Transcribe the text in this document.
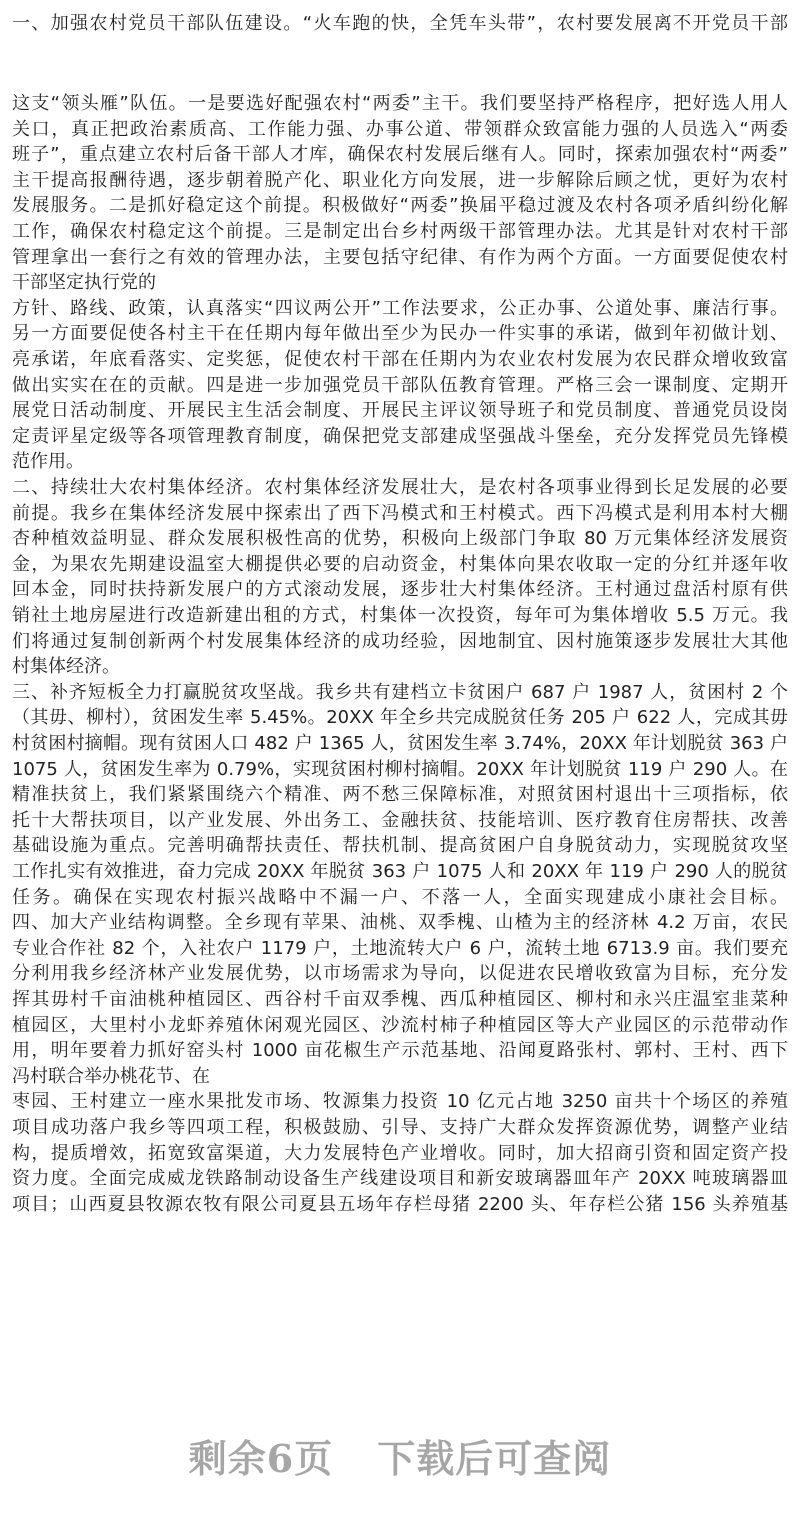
一、加强农村党员干部队伍建设。“火车跑的快，全凭车头带”，农村要发展离不开党员干部
这支“领头雁”队伍。一是要选好配强农村“两委”主干。我们要坚持严格程序，把好选人用人
关口，真正把政治素质高、工作能力强、办事公道、带领群众致富能力强的人员选入“两委
班子”，重点建立农村后备干部人才库，确保农村发展后继有人。同时，探索加强农村“两委”
主干提高报酬待遇，逐步朝着脱产化、职业化方向发展，进一步解除后顾之忧，更好为农村
发展服务。二是抓好稳定这个前提。积极做好“两委”换届平稳过渡及农村各项矛盾纠纷化解
工作，确保农村稳定这个前提。三是制定出台乡村两级干部管理办法。尤其是针对农村干部
管理拿出一套行之有效的管理办法，主要包括守纪律、有作为两个方面。一方面要促使农村
干部坚定执行党的
方针、路线、政策，认真落实“四议两公开”工作法要求，公正办事、公道处事、廉洁行事。
另一方面要促使各村主干在任期内每年做出至少为民办一件实事的承诺，做到年初做计划、
亮承诺，年底看落实、定奖惩，促使农村干部在任期内为农业农村发展为农民群众增收致富
做出实实在在的贡献。四是进一步加强党员干部队伍教育管理。严格三会一课制度、定期开
展党日活动制度、开展民主生活会制度、开展民主评议领导班子和党员制度、普通党员设岗
定责评星定级等各项管理教育制度，确保把党支部建成坚强战斗堡垒，充分发挥党员先锋模
范作用。
二、持续壮大农村集体经济。农村集体经济发展壮大，是农村各项事业得到长足发展的必要
前提。我乡在集体经济发展中探索出了西下冯模式和王村模式。西下冯模式是利用本村大棚
杏种植效益明显、群众发展积极性高的优势，积极向上级部门争取 80 万元集体经济发展资
金，为果农先期建设温室大棚提供必要的启动资金，村集体向果农收取一定的分红并逐年收
回本金，同时扶持新发展户的方式滚动发展，逐步壮大村集体经济。王村通过盘活村原有供
销社土地房屋进行改造新建出租的方式，村集体一次投资，每年可为集体增收 5.5 万元。我
们将通过复制创新两个村发展集体经济的成功经验，因地制宜、因村施策逐步发展壮大其他
村集体经济。
三、补齐短板全力打赢脱贫攻坚战。我乡共有建档立卡贫困户 687 户 1987 人，贫困村 2 个
（其毋、柳村），贫困发生率 5.45%。20XX 年全乡共完成脱贫任务 205 户 622 人，完成其毋
村贫困村摘帽。现有贫困人口 482 户 1365 人，贫困发生率 3.74%，20XX 年计划脱贫 363 户
1075 人，贫困发生率为 0.79%，实现贫困村柳村摘帽。20XX 年计划脱贫 119 户 290 人。在
精准扶贫上，我们紧紧围绕六个精准、两不愁三保障标准，对照贫困村退出十三项指标，依
托十大帮扶项目，以产业发展、外出务工、金融扶贫、技能培训、医疗教育住房帮扶、改善
基础设施为重点。完善明确帮扶责任、帮扶机制、提高贫困户自身脱贫动力，实现脱贫攻坚
工作扎实有效推进，奋力完成 20XX 年脱贫 363 户 1075 人和 20XX 年 119 户 290 人的脱贫
任务。确保在实现农村振兴战略中不漏一户、不落一人，全面实现建成小康社会目标。
四、加大产业结构调整。全乡现有苹果、油桃、双季槐、山楂为主的经济林 4.2 万亩，农民
专业合作社 82 个，入社农户 1179 户，土地流转大户 6 户，流转土地 6713.9 亩。我们要充
分利用我乡经济林产业发展优势，以市场需求为导向，以促进农民增收致富为目标，充分发
挥其毋村千亩油桃种植园区、西谷村千亩双季槐、西瓜种植园区、柳村和永兴庄温室韭菜种
植园区，大里村小龙虾养殖休闲观光园区、沙流村柿子种植园区等大产业园区的示范带动作
用，明年要着力抓好窑头村 1000 亩花椒生产示范基地、沿闻夏路张村、郭村、王村、西下
冯村联合举办桃花节、在
枣园、王村建立一座水果批发市场、牧源集力投资 10 亿元占地 3250 亩共十个场区的养殖
项目成功落户我乡等四项工程，积极鼓励、引导、支持广大群众发挥资源优势，调整产业结
构，提质增效，拓宽致富渠道，大力发展特色产业增收。同时，加大招商引资和固定资产投
资力度。全面完成威龙铁路制动设备生产线建设项目和新安玻璃器皿年产 20XX 吨玻璃器皿
项目；山西夏县牧源农牧有限公司夏县五场年存栏母猪 2200 头、年存栏公猪 156 头养殖基
剩余6页 下载后可查阅
